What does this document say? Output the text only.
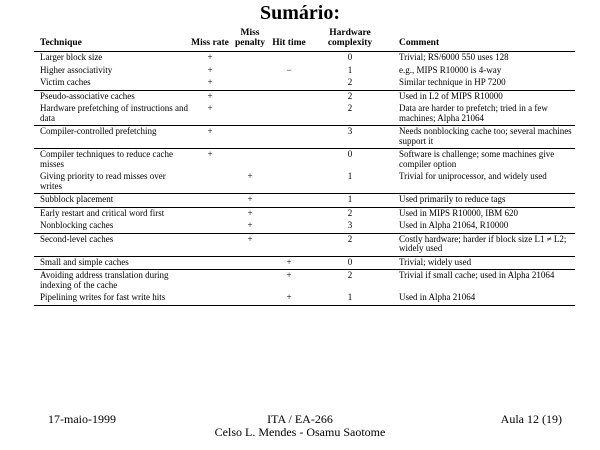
Sumário:
Technique	Miss rate	Miss penalty	Hit time	Hardware complexity	Comment
Larger block size	+			0	Trivial; RS/6000 550 uses 128
Higher associativity	+		−	1	e.g., MIPS R10000 is 4-way
Victim caches	+			2	Similar technique in HP 7200
Pseudo-associative caches	+			2	Used in L2 of MIPS R10000
Hardware prefetching of instructions and data	+			2	Data are harder to prefetch; tried in a few machines; Alpha 21064
Compiler-controlled prefetching	+			3	Needs nonblocking cache too; several machines support it
Compiler techniques to reduce cache misses	+			0	Software is challenge; some machines give compiler option
Giving priority to read misses over writes		+		1	Trivial for uniprocessor, and widely used
Subblock placement		+		1	Used primarily to reduce tags
Early restart and critical word first		+		2	Used in MIPS R10000, IBM 620
Nonblocking caches		+		3	Used in Alpha 21064, R10000
Second-level caches		+		2	Costly hardware; harder if block size L1 ≠ L2; widely used
Small and simple caches			+	0	Trivial; widely used
Avoiding address translation during indexing of the cache			+	2	Trivial if small cache; used in Alpha 21064
Pipelining writes for fast write hits			+	1	Used in Alpha 21064
17-maio-1999	ITA / EA-266
Celso L. Mendes - Osamu Saotome
Aula 12 (19)
